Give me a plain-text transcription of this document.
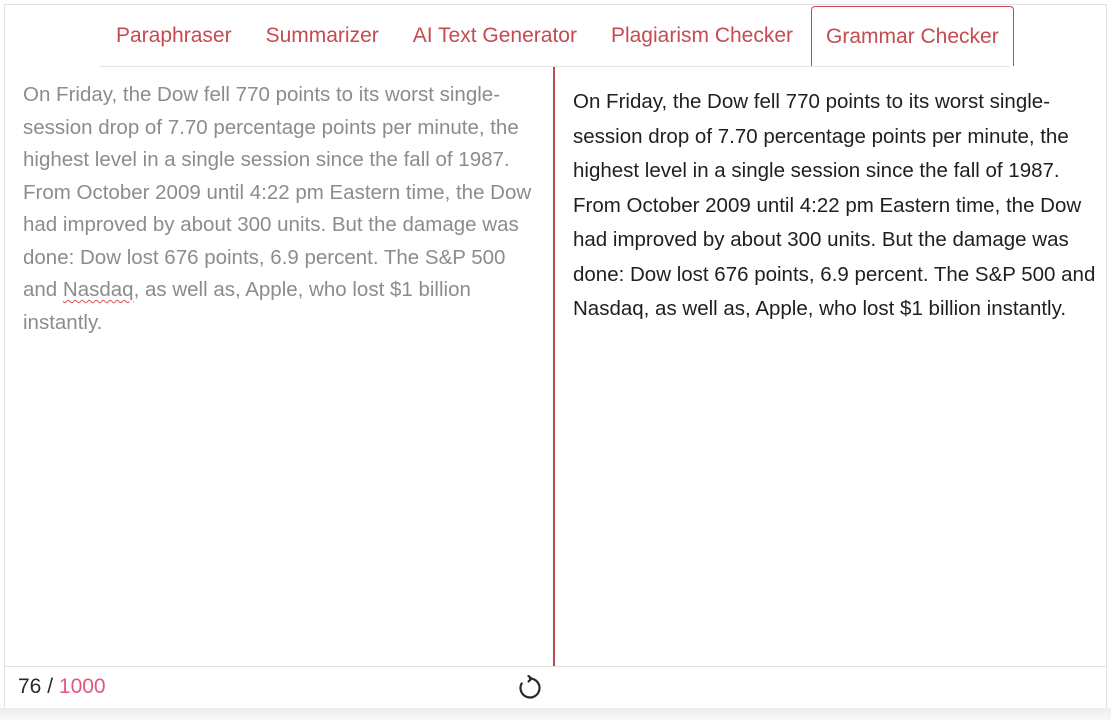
Paraphraser	Summarizer	AI Text Generator	Plagiarism Checker	Grammar Checker
On Friday, the Dow fell 770 points to its worst single-session drop of 7.70 percentage points per minute, the highest level in a single session since the fall of 1987. From October 2009 until 4:22 pm Eastern time, the Dow had improved by about 300 units. But the damage was done: Dow lost 676 points, 6.9 percent. The S&P 500 and Nasdaq, as well as, Apple, who lost $1 billion instantly.
On Friday, the Dow fell 770 points to its worst single-session drop of 7.70 percentage points per minute, the highest level in a single session since the fall of 1987. From October 2009 until 4:22 pm Eastern time, the Dow had improved by about 300 units. But the damage was done: Dow lost 676 points, 6.9 percent. The S&P 500 and Nasdaq, as well as, Apple, who lost $1 billion instantly.
76 / 1000
